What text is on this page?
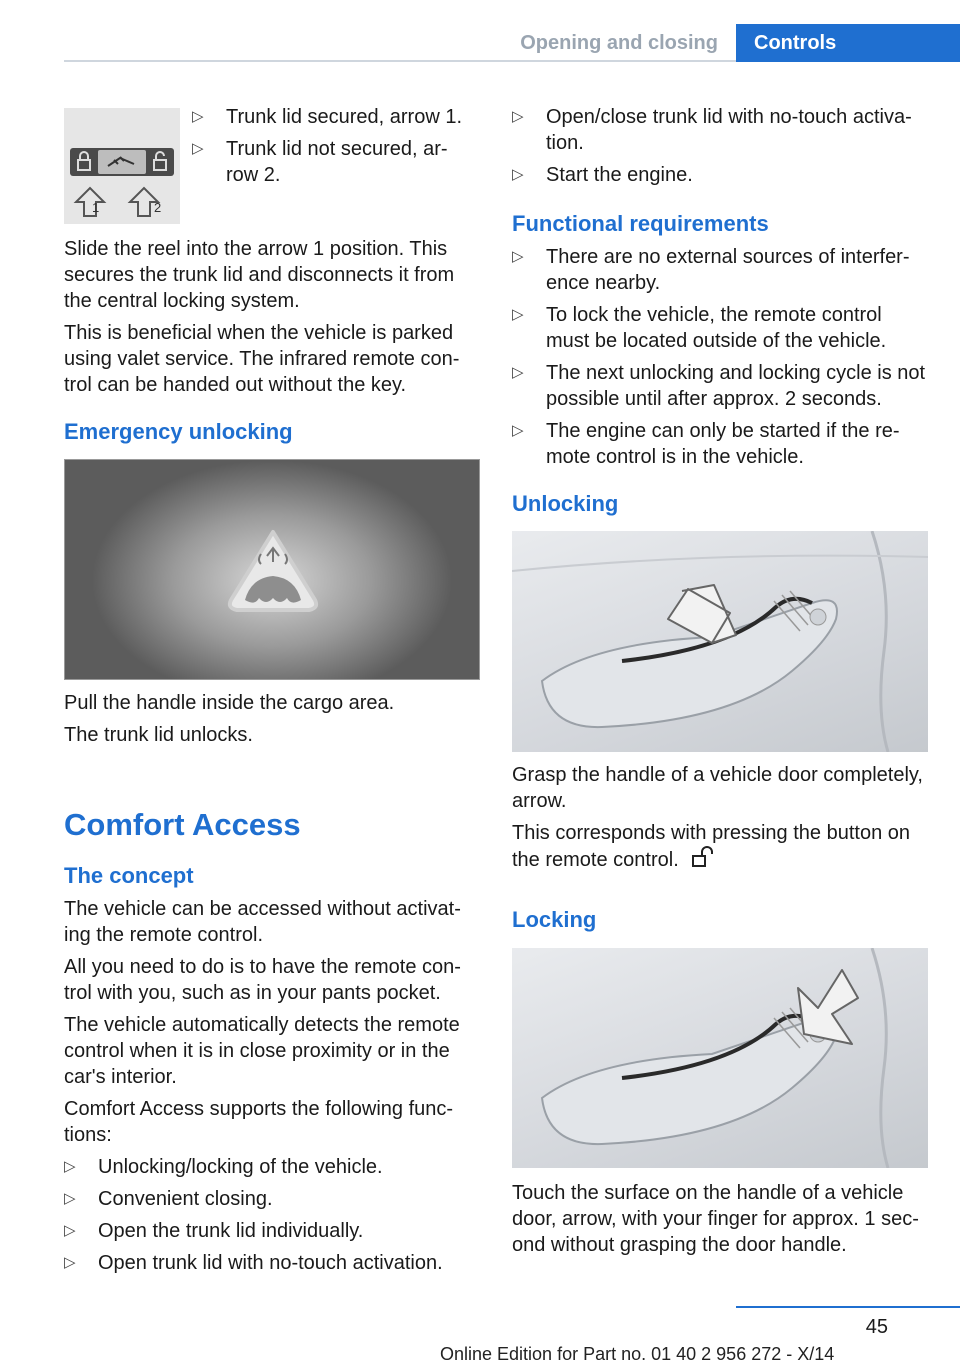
Opening and closing	Controls
1	2
▷ Trunk lid secured, arrow 1.
▷ Trunk lid not secured, ar-row 2.

Slide the reel into the arrow 1 position. This secures the trunk lid and disconnects it from the central locking system.

This is beneficial when the vehicle is parked using valet service. The infrared remote con-trol can be handed out without the key.

Emergency unlocking

Pull the handle inside the cargo area.

The trunk lid unlocks.

Comfort Access
The concept

The vehicle can be accessed without activat-ing the remote control.

All you need to do is to have the remote con-trol with you, such as in your pants pocket.

The vehicle automatically detects the remote control when it is in close proximity or in the car's interior.

Comfort Access supports the following func-tions:

▷ Unlocking/locking of the vehicle.
▷ Convenient closing.
▷ Open the trunk lid individually.
▷ Open trunk lid with no-touch activation.
▷ Open/close trunk lid with no-touch activa-tion.
▷ Start the engine.
Functional requirements
▷ There are no external sources of interfer-ence nearby.
▷ To lock the vehicle, the remote control must be located outside of the vehicle.
▷ The next unlocking and locking cycle is not possible until after approx. 2 seconds.
▷ The engine can only be started if the re-mote control is in the vehicle.
Unlocking

Grasp the handle of a vehicle door completely, arrow.

This corresponds with pressing the button on the remote control.

Locking

Touch the surface on the handle of a vehicle door, arrow, with your finger for approx. 1 sec-ond without grasping the door handle.

45
Online Edition for Part no. 01 40 2 956 272 - X/14
